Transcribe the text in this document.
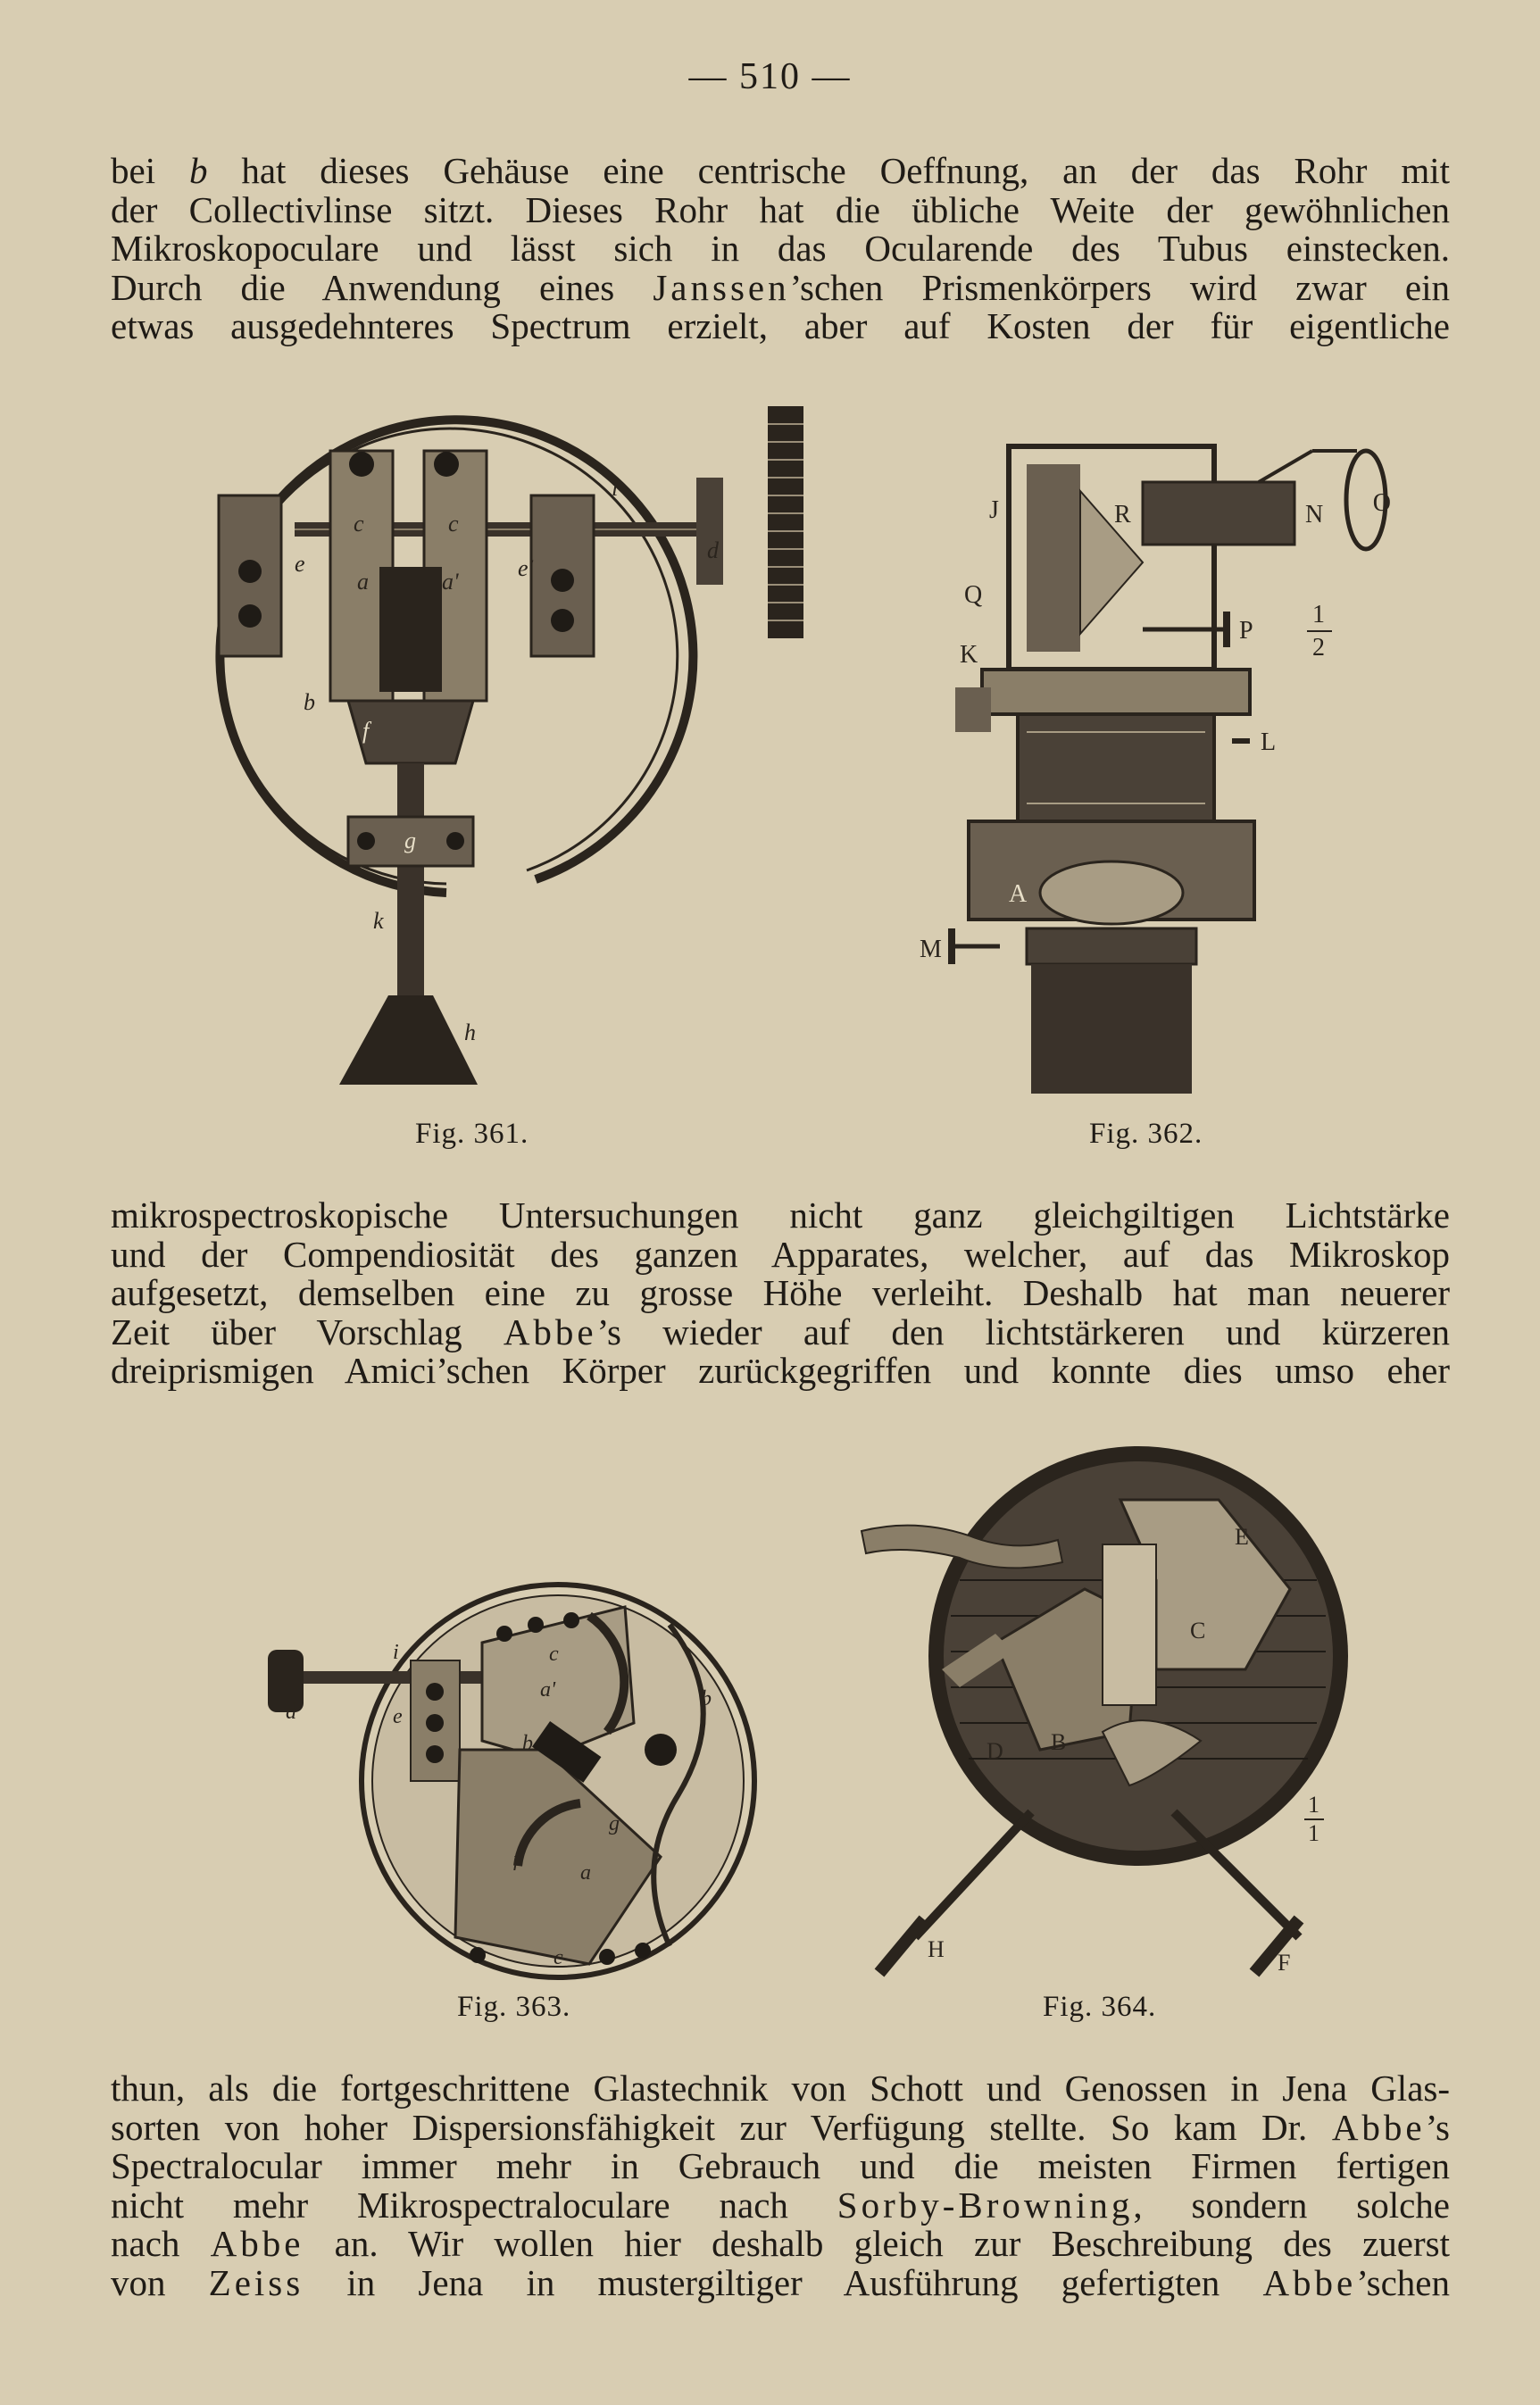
— 510 —
bei b hat dieses Gehäuse eine centrische Oeffnung, an der das Rohr mit
der Collectivlinse sitzt. Dieses Rohr hat die übliche Weite der gewöhnlichen
Mikroskopoculare und lässt sich in das Ocularende des Tubus einstecken.
Durch die Anwendung eines Janssen’schen Prismenkörpers wird zwar ein
etwas ausgedehnteres Spectrum erzielt, aber auf Kosten der für eigentliche
e	e'
a	a'
c	c
b
f
g
k
h
d
i
Fig. 361.
J	R	N O
Q
P
K
L
A
M
1
2
Fig. 362.
mikrospectroskopische Untersuchungen nicht ganz gleichgiltigen Lichtstärke
und der Compendiosität des ganzen Apparates, welcher, auf das Mikroskop
aufgesetzt, demselben eine zu grosse Höhe verleiht. Deshalb hat man neuerer
Zeit über Vorschlag Abbe’s wieder auf den lichtstärkeren und kürzeren
dreiprismigen Amici’schen Körper zurückgegriffen und konnte dies umso eher
d
i
e
c
a'
b
b
f
a
c
g
Fig. 363.
E
C
B
D
H
F
1
1
Fig. 364.
thun, als die fortgeschrittene Glastechnik von Schott und Genossen in Jena Glas-
sorten von hoher Dispersionsfähigkeit zur Verfügung stellte. So kam Dr. Abbe’s
Spectralocular immer mehr in Gebrauch und die meisten Firmen fertigen
nicht mehr Mikrospectraloculare nach Sorby-Browning, sondern solche
nach Abbe an. Wir wollen hier deshalb gleich zur Beschreibung des zuerst
von Zeiss in Jena in mustergiltiger Ausführung gefertigten Abbe’schen
